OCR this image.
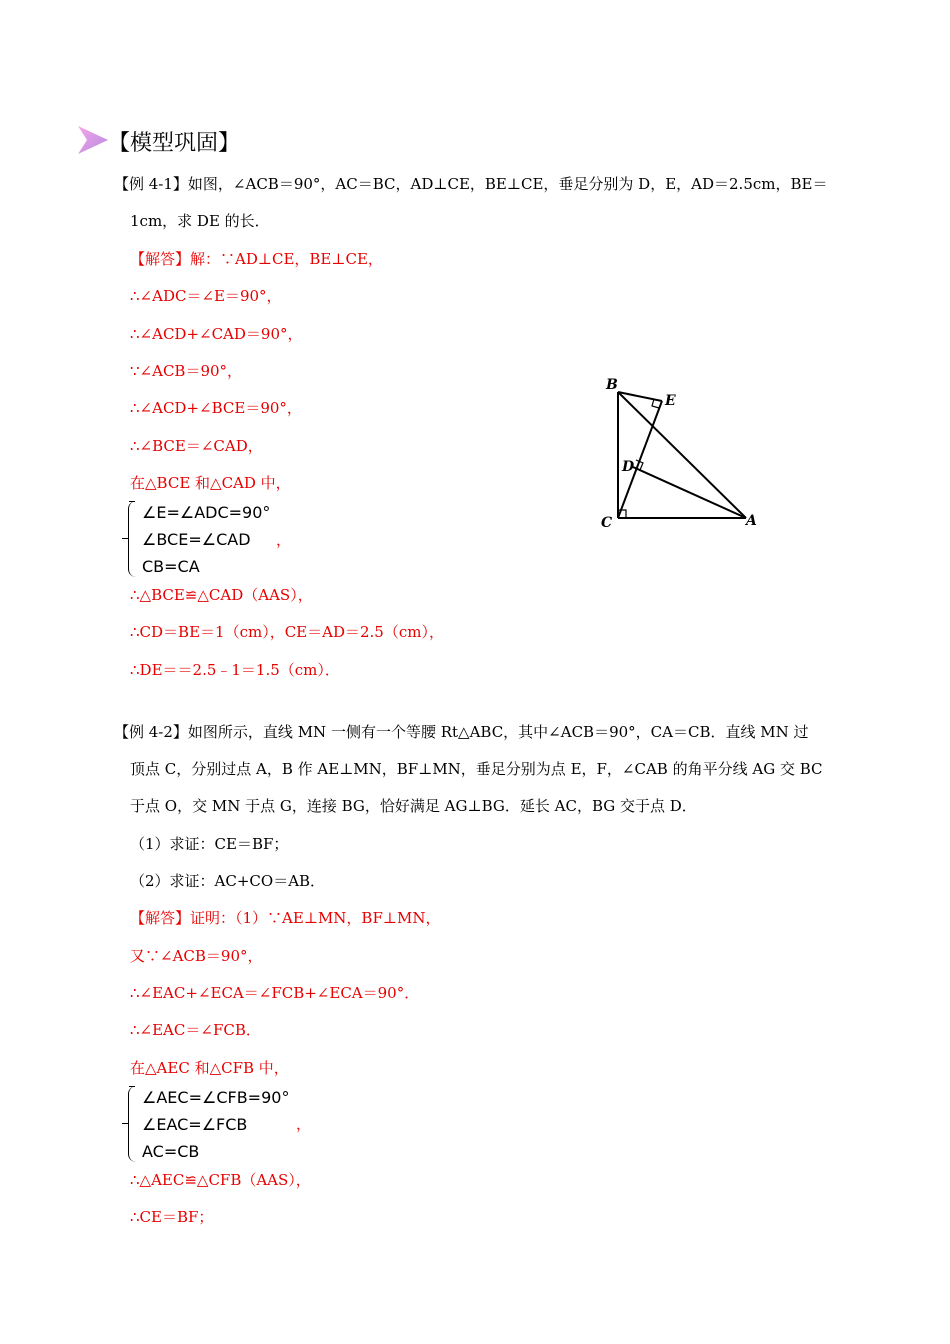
【模型巩固】
【例 4-1】如图，∠ACB＝90°，AC＝BC，AD⊥CE，BE⊥CE，垂足分别为 D，E，AD＝2.5cm，BE＝
1cm，求 DE 的长．
【解答】解：∵AD⊥CE，BE⊥CE，
∴∠ADC＝∠E＝90°，
∴∠ACD+∠CAD＝90°，
∵∠ACB＝90°，
∴∠ACD+∠BCE＝90°，
∴∠BCE＝∠CAD，
在△BCE 和△CAD 中，
∠E=∠ADC=90°
∠BCE=∠CAD
CB=CA
，
∴△BCE≌△CAD（AAS），
∴CD＝BE＝1（cm），CE＝AD＝2.5（cm），
∴DE＝＝2.5﹣1＝1.5（cm）．
B
E
D
C	A
【例 4-2】如图所示，直线 MN 一侧有一个等腰 Rt△ABC，其中∠ACB＝90°，CA＝CB．直线 MN 过
顶点 C，分别过点 A，B 作 AE⊥MN，BF⊥MN，垂足分别为点 E，F，∠CAB 的角平分线 AG 交 BC
于点 O，交 MN 于点 G，连接 BG，恰好满足 AG⊥BG．延长 AC，BG 交于点 D．
（1）求证：CE＝BF；
（2）求证：AC+CO＝AB．
【解答】证明：（1）∵AE⊥MN，BF⊥MN，
又∵∠ACB＝90°，
∴∠EAC+∠ECA＝∠FCB+∠ECA＝90°．
∴∠EAC＝∠FCB．
在△AEC 和△CFB 中，
∠AEC=∠CFB=90°
∠EAC=∠FCB
AC=CB
，
∴△AEC≌△CFB（AAS），
∴CE＝BF；
